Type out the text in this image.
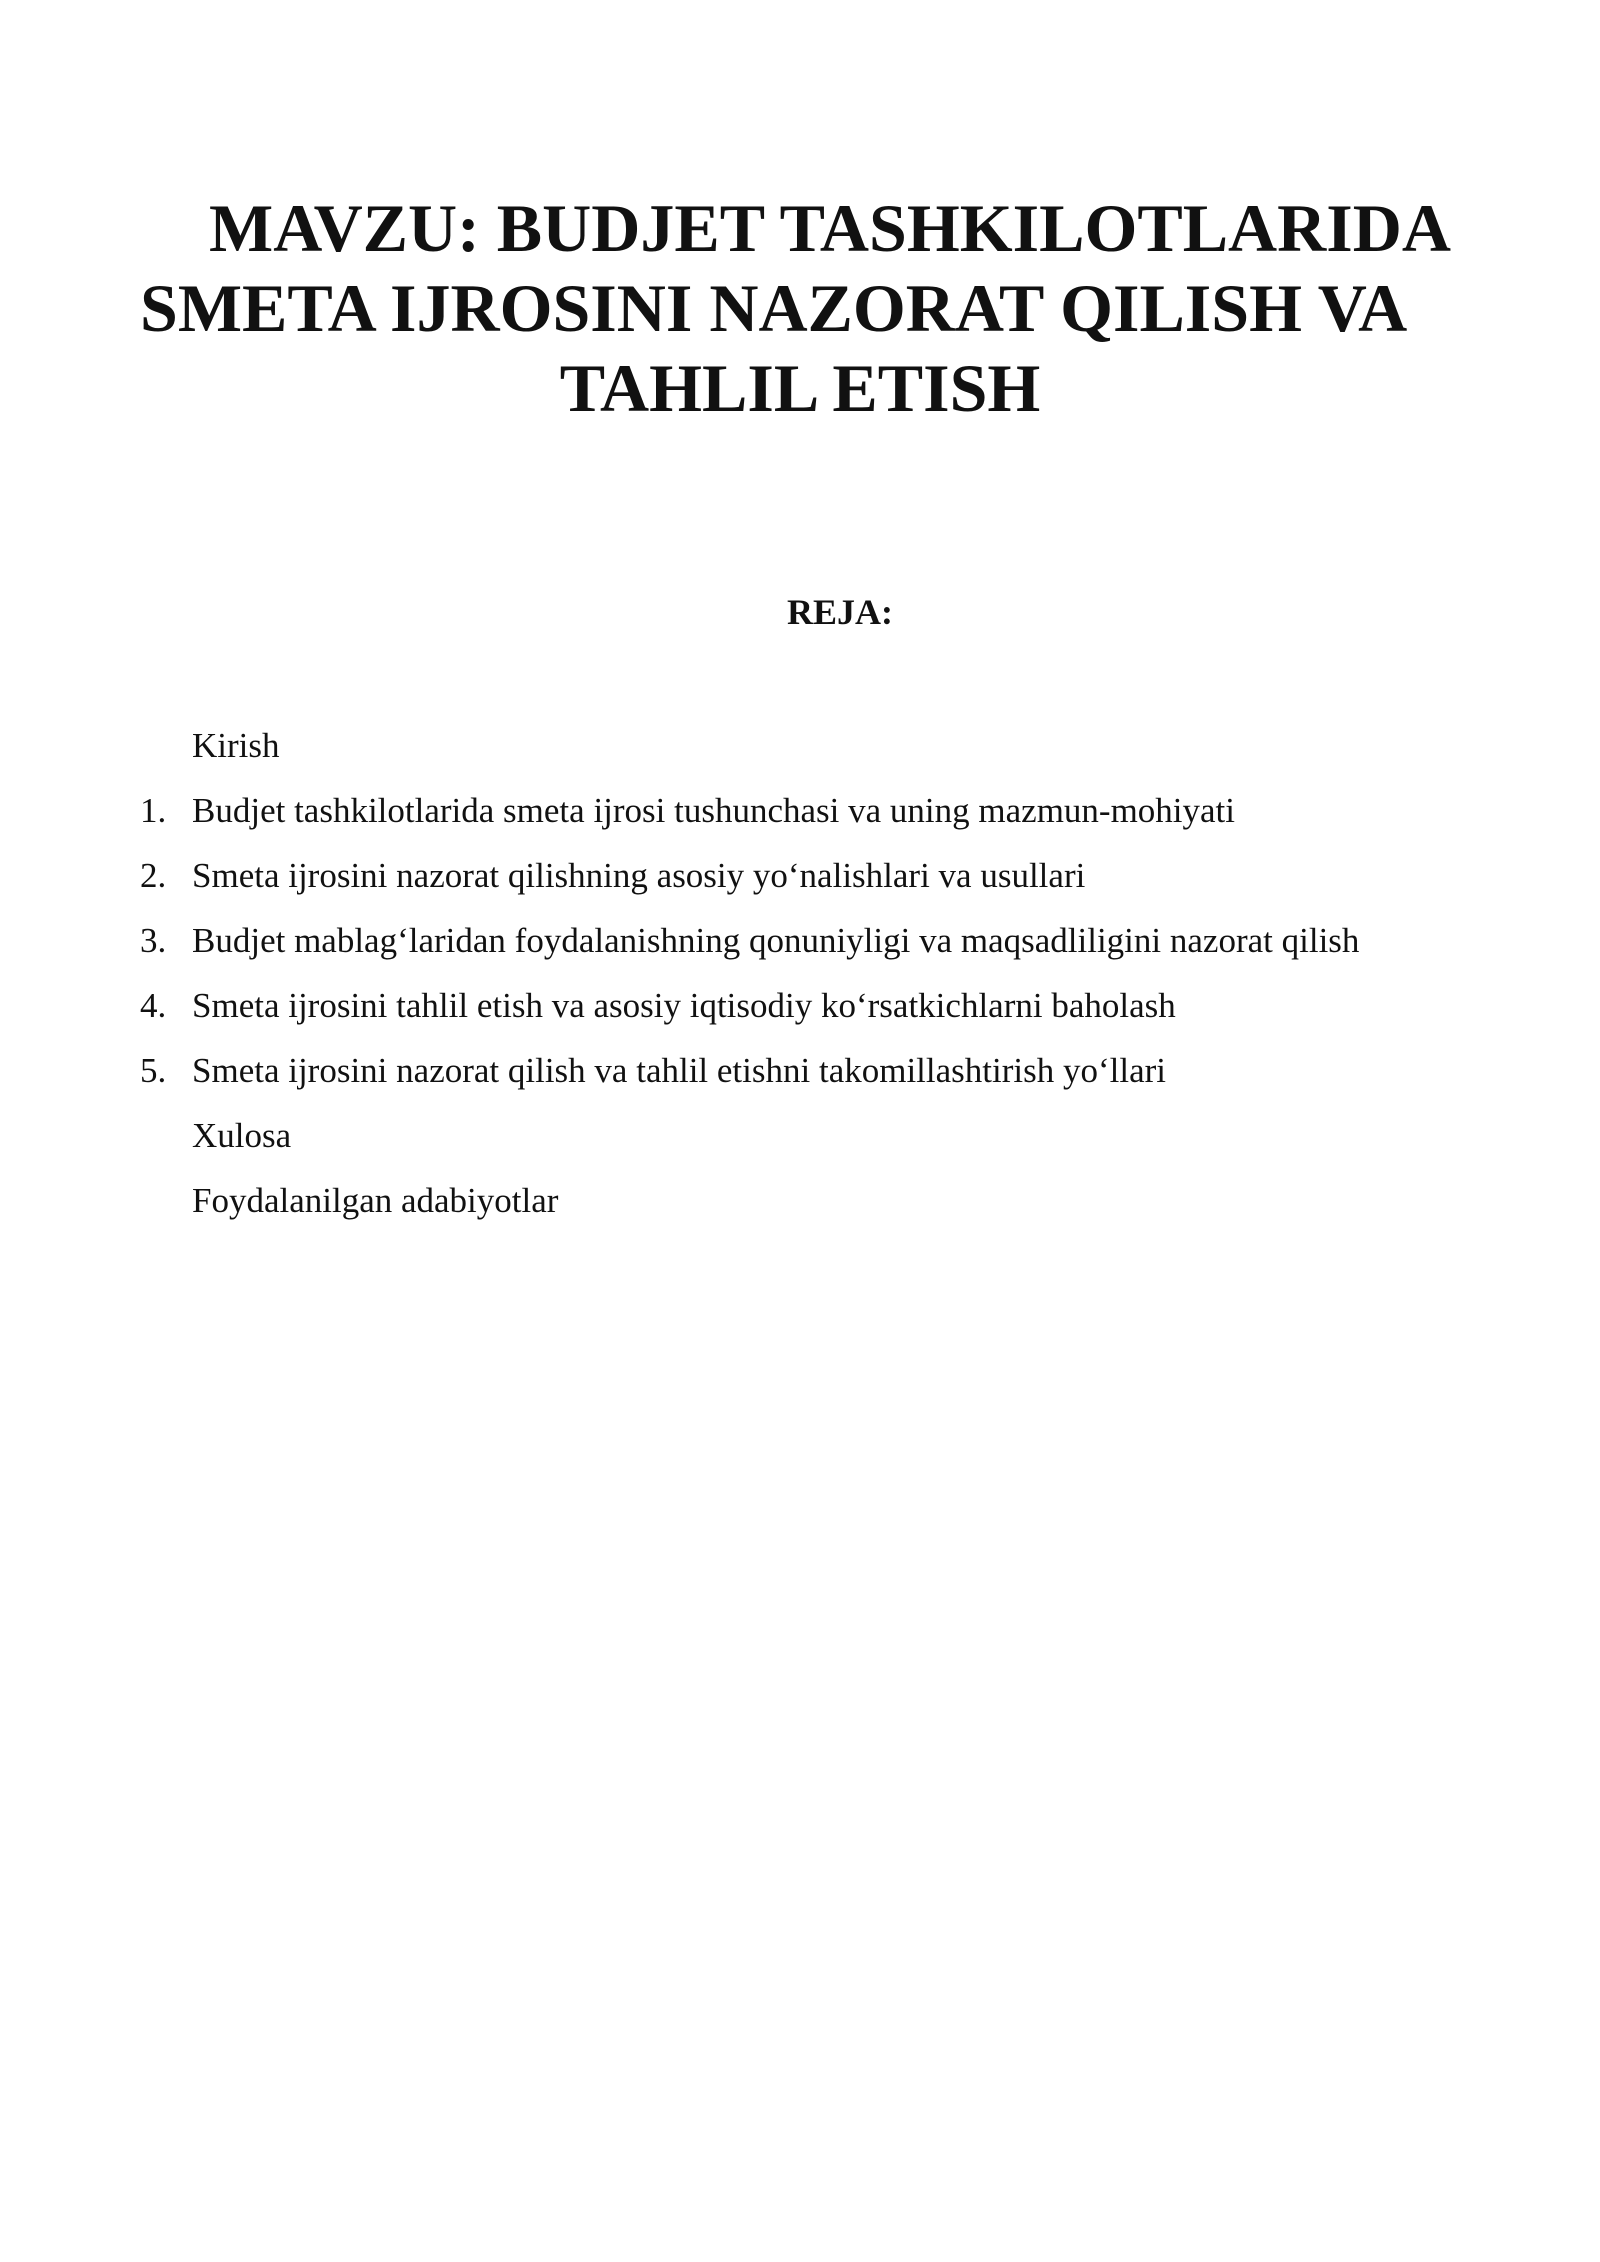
MAVZU: BUDJET TASHKILOTLARIDA
SMETA IJROSINI NAZORAT QILISH VA
TAHLIL ETISH
REJA:
Kirish
1. Budjet tashkilotlarida smeta ijrosi tushunchasi va uning mazmun-mohiyati
2. Smeta ijrosini nazorat qilishning asosiy yo‘nalishlari va usullari
3. Budjet mablag‘laridan foydalanishning qonuniyligi va maqsadliligini nazorat qilish
4. Smeta ijrosini tahlil etish va asosiy iqtisodiy ko‘rsatkichlarni baholash
5. Smeta ijrosini nazorat qilish va tahlil etishni takomillashtirish yo‘llari
Xulosa
Foydalanilgan adabiyotlar
